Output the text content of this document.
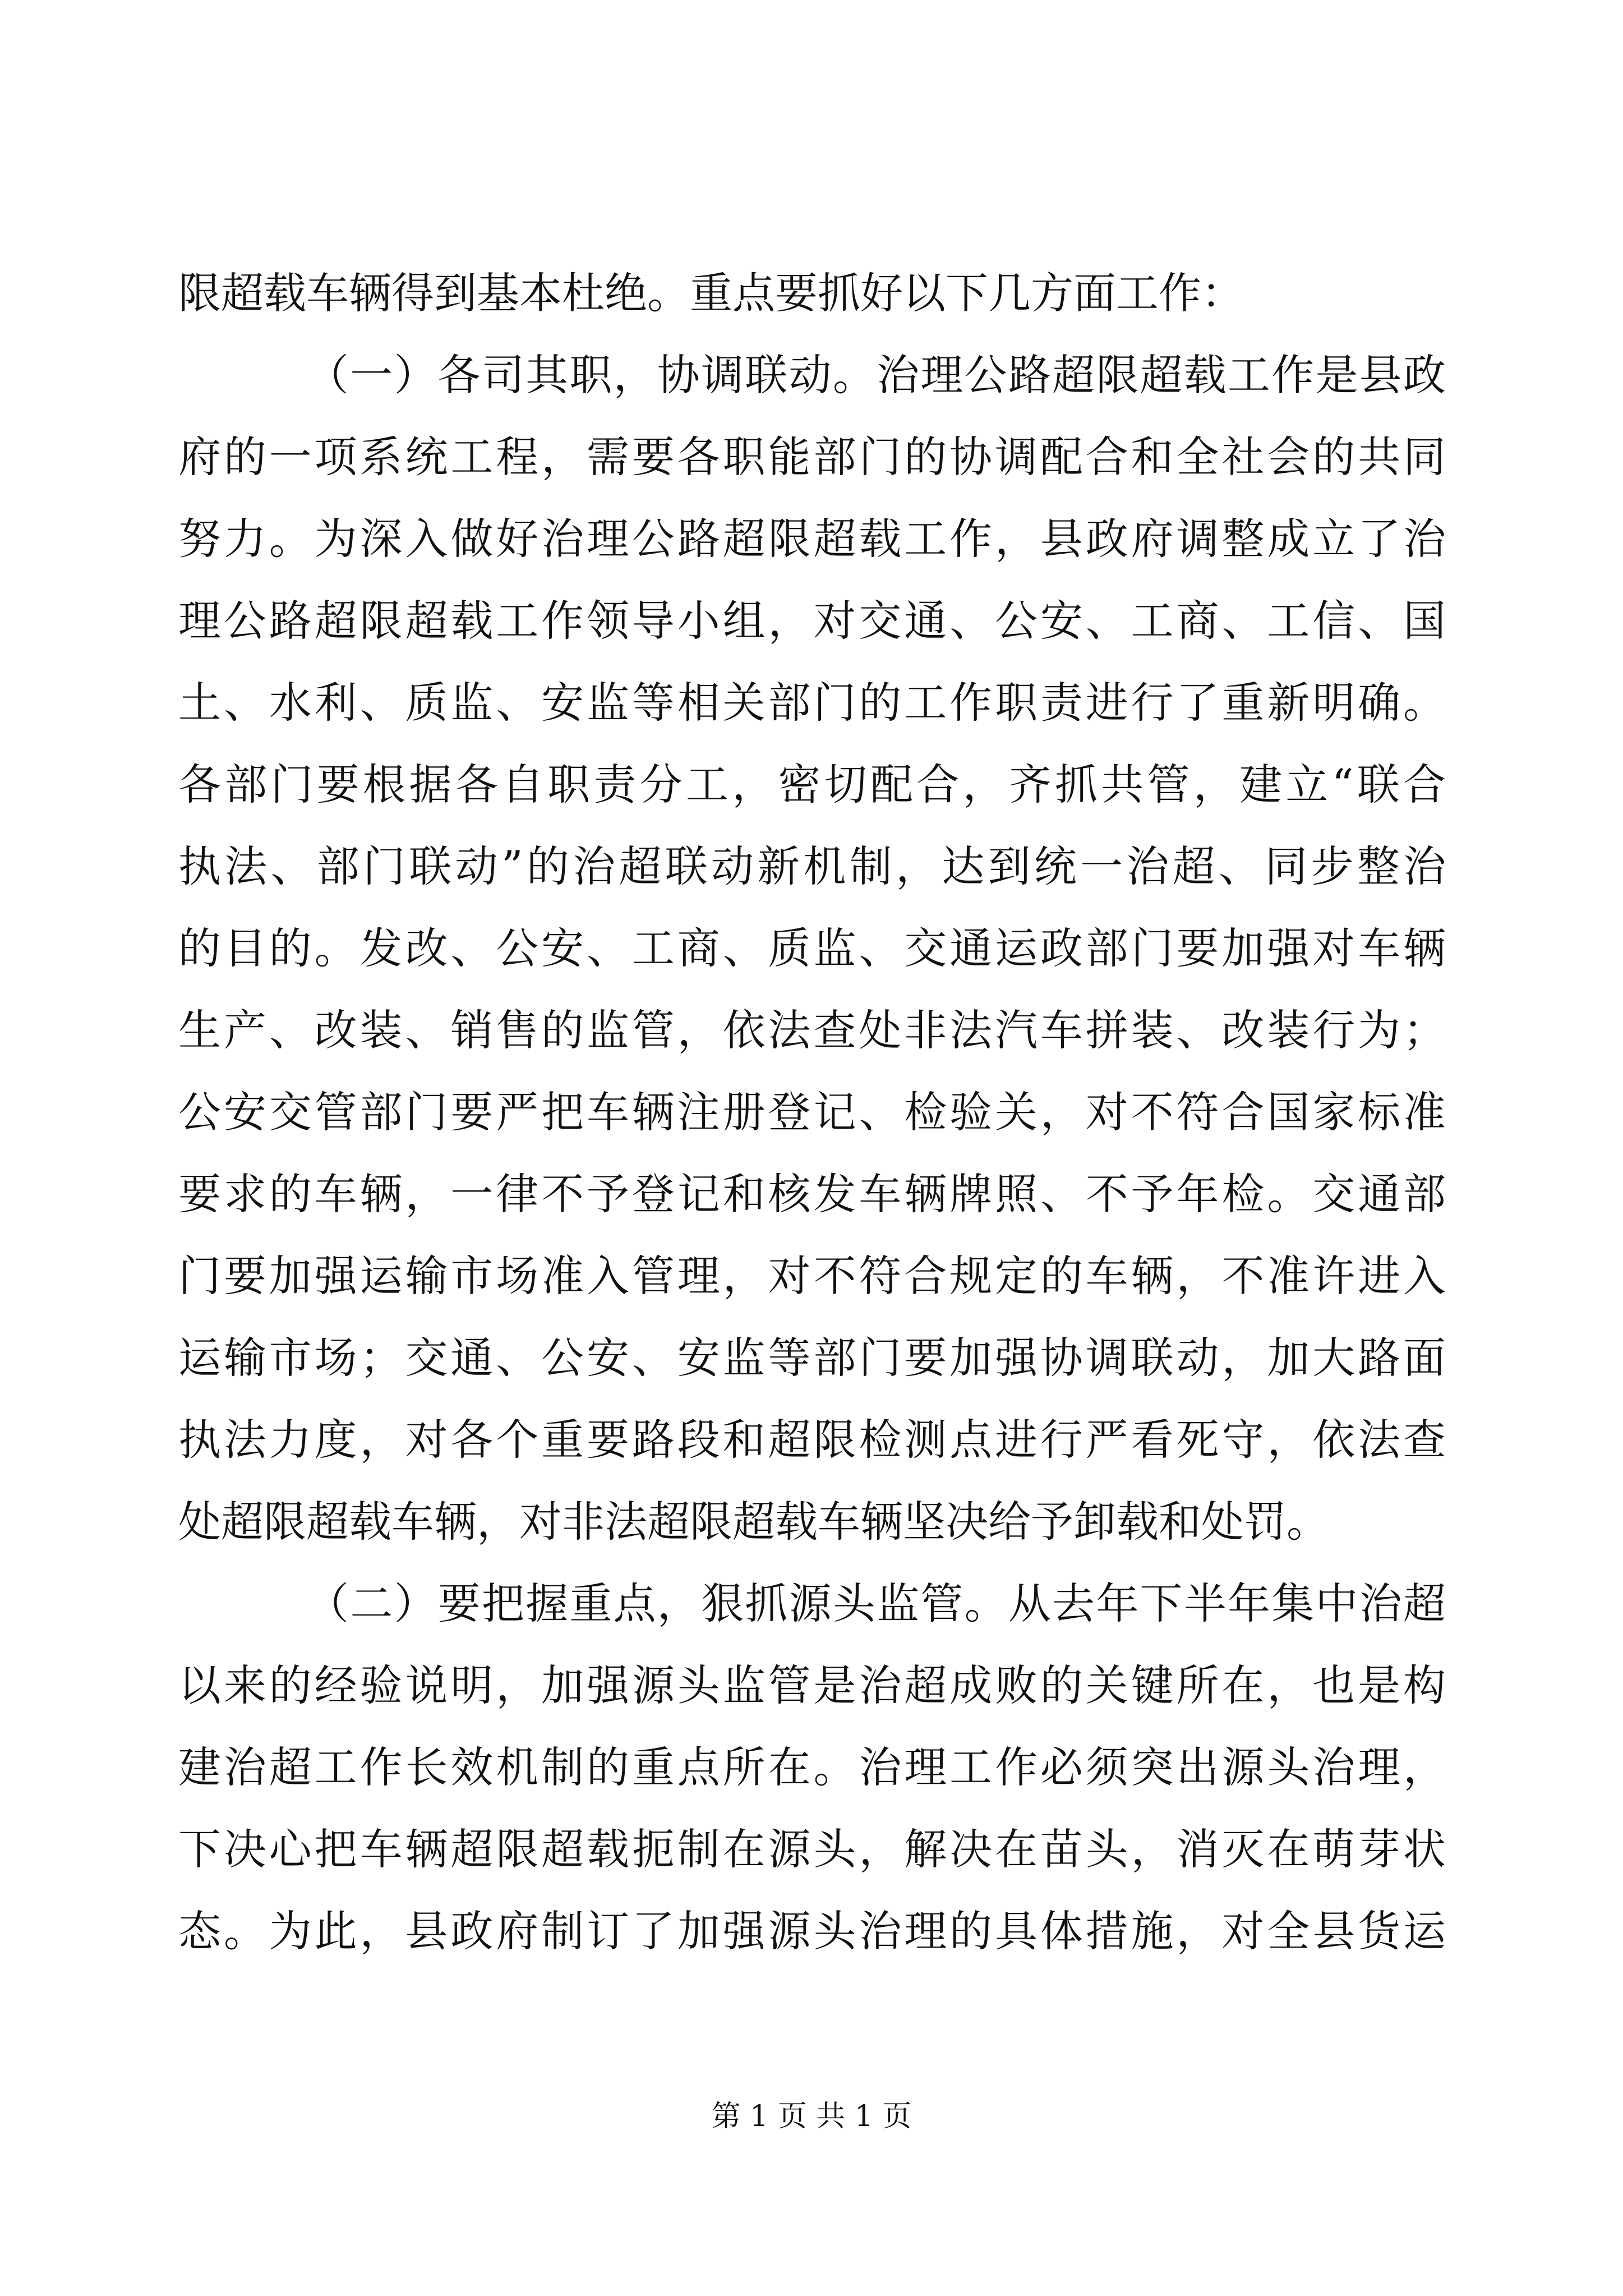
限超载车辆得到基本杜绝。重点要抓好以下几方面工作：
（一）各司其职，协调联动。治理公路超限超载工作是县政
府的一项系统工程，需要各职能部门的协调配合和全社会的共同
努力。为深入做好治理公路超限超载工作，县政府调整成立了治
理公路超限超载工作领导小组，对交通、公安、工商、工信、国
土、水利、质监、安监等相关部门的工作职责进行了重新明确。
各部门要根据各自职责分工，密切配合，齐抓共管，建立“联合
执法、部门联动”的治超联动新机制，达到统一治超、同步整治
的目的。发改、公安、工商、质监、交通运政部门要加强对车辆
生产、改装、销售的监管，依法查处非法汽车拼装、改装行为；
公安交管部门要严把车辆注册登记、检验关，对不符合国家标准
要求的车辆，一律不予登记和核发车辆牌照、不予年检。交通部
门要加强运输市场准入管理，对不符合规定的车辆，不准许进入
运输市场；交通、公安、安监等部门要加强协调联动，加大路面
执法力度，对各个重要路段和超限检测点进行严看死守，依法查
处超限超载车辆，对非法超限超载车辆坚决给予卸载和处罚。
（二）要把握重点，狠抓源头监管。从去年下半年集中治超
以来的经验说明，加强源头监管是治超成败的关键所在，也是构
建治超工作长效机制的重点所在。治理工作必须突出源头治理，
下决心把车辆超限超载扼制在源头，解决在苗头，消灭在萌芽状
态。为此，县政府制订了加强源头治理的具体措施，对全县货运
第 1 页 共 1 页
